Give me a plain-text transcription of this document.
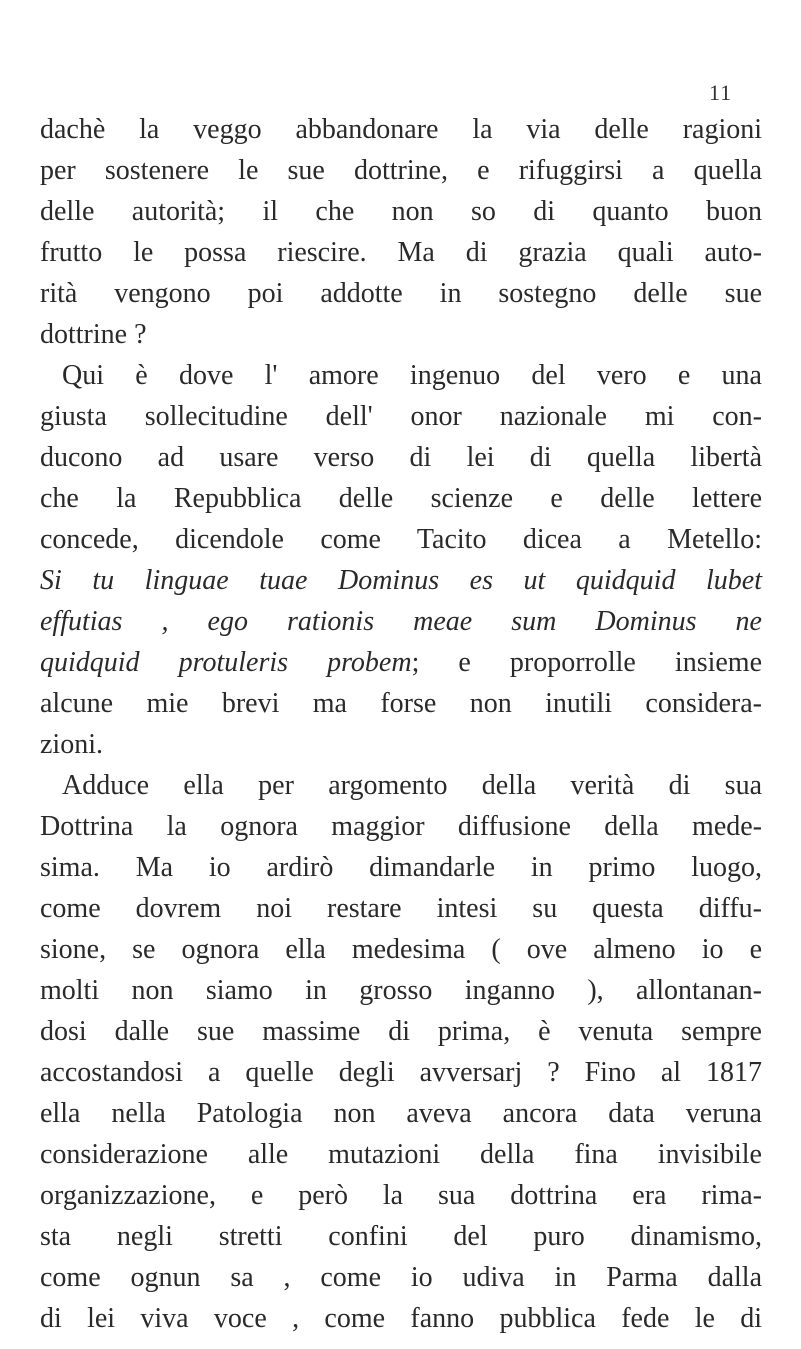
11
dachè la veggo abbandonare la via delle ragioni
per sostenere le sue dottrine, e rifuggirsi a quella
delle autorità; il che non so di quanto buon
frutto le possa riescire. Ma di grazia quali auto-
rità vengono poi addotte in sostegno delle sue
dottrine ?
Qui è dove l' amore ingenuo del vero e una
giusta sollecitudine dell' onor nazionale mi con-
ducono ad usare verso di lei di quella libertà
che la Repubblica delle scienze e delle lettere
concede, dicendole come Tacito dicea a Metello:
Si tu linguae tuae Dominus es ut quidquid lubet
effutias , ego rationis meae sum Dominus ne
quidquid protuleris probem; e proporrolle insieme
alcune mie brevi ma forse non inutili considera-
zioni.
Adduce ella per argomento della verità di sua
Dottrina la ognora maggior diffusione della mede-
sima. Ma io ardirò dimandarle in primo luogo,
come dovrem noi restare intesi su questa diffu-
sione, se ognora ella medesima ( ove almeno io e
molti non siamo in grosso inganno ), allontanan-
dosi dalle sue massime di prima, è venuta sempre
accostandosi a quelle degli avversarj ? Fino al 1817
ella nella Patologia non aveva ancora data veruna
considerazione alle mutazioni della fina invisibile
organizzazione, e però la sua dottrina era rima-
sta negli stretti confini del puro dinamismo,
come ognun sa , come io udiva in Parma dalla
di lei viva voce , come fanno pubblica fede le di
